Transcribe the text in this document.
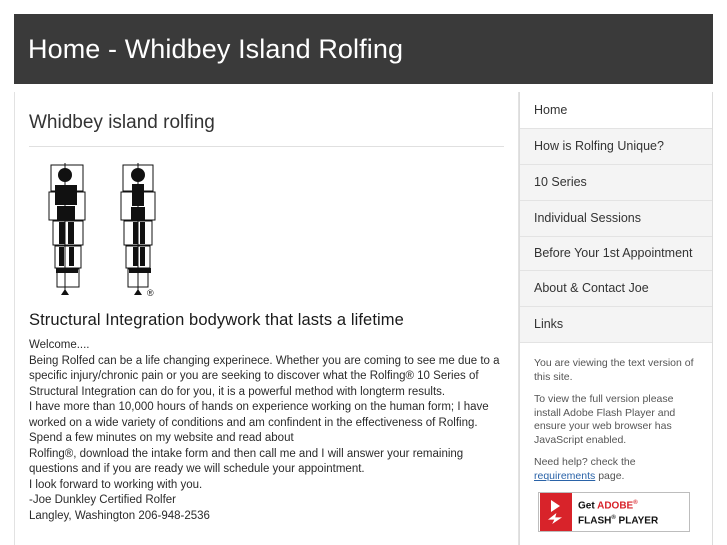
Home - Whidbey Island Rolfing
Whidbey island rolfing
®
Structural Integration bodywork that lasts a lifetime

Welcome....

Being Rolfed can be a life changing experinece. Whether you are coming to see me due to a specific injury/chronic pain or you are seeking to discover what the Rolfing® 10 Series of Structural Integration can do for you, it is a powerful method with longterm results.

I have more than 10,000 hours of hands on experience working on the human form; I have worked on a wide variety of conditions and am confindent in the effectiveness of Rolfing.

Spend a few minutes on my website and read about

Rolfing®, download the intake form and then call me and I will answer your remaining questions and if you are ready we will schedule your appointment.

I look forward to working with you.

-Joe Dunkley Certified Rolfer

Langley, Washington 206-948-2536

Home
How is Rolfing Unique?
10 Series
Individual Sessions
Before Your 1st Appointment
About & Contact Joe
Links

You are viewing the text version of this site.

To view the full version please install Adobe Flash Player and ensure your web browser has JavaScript enabled.

Need help? check the requirements page.

Get ADOBE®
FLASH® PLAYER
